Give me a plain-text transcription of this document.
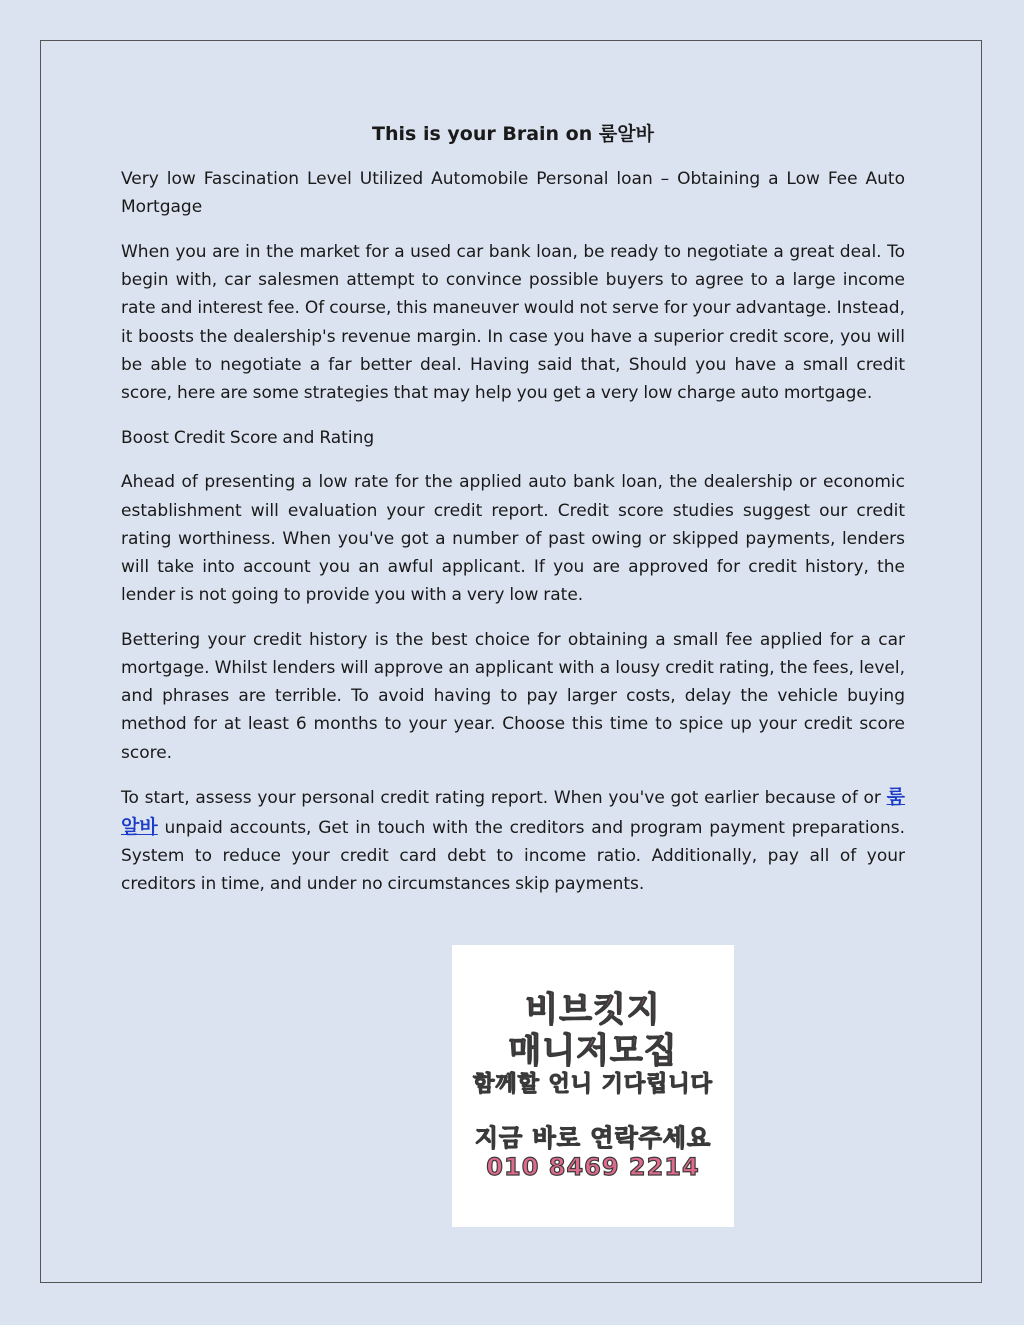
This is your Brain on 룸알바

Very low Fascination Level Utilized Automobile Personal loan – Obtaining a Low Fee Auto Mortgage

When you are in the market for a used car bank loan, be ready to negotiate a great deal. To begin with, car salesmen attempt to convince possible buyers to agree to a large income rate and interest fee. Of course, this maneuver would not serve for your advantage. Instead, it boosts the dealership's revenue margin. In case you have a superior credit score, you will be able to negotiate a far better deal. Having said that, Should you have a small credit score, here are some strategies that may help you get a very low charge auto mortgage.

Boost Credit Score and Rating

Ahead of presenting a low rate for the applied auto bank loan, the dealership or economic establishment will evaluation your credit report. Credit score studies suggest our credit rating worthiness. When you've got a number of past owing or skipped payments, lenders will take into account you an awful applicant. If you are approved for credit history, the lender is not going to provide you with a very low rate.

Bettering your credit history is the best choice for obtaining a small fee applied for a car mortgage. Whilst lenders will approve an applicant with a lousy credit rating, the fees, level, and phrases are terrible. To avoid having to pay larger costs, delay the vehicle buying method for at least 6 months to your year. Choose this time to spice up your credit score score.

To start, assess your personal credit rating report. When you've got earlier because of or 룸알바 unpaid accounts, Get in touch with the creditors and program payment preparations. System to reduce your credit card debt to income ratio. Additionally, pay all of your creditors in time, and under no circumstances skip payments.

비브킷지
매니저모집
함께할 언니 기다립니다
지금 바로 연락주세요
010 8469 2214
